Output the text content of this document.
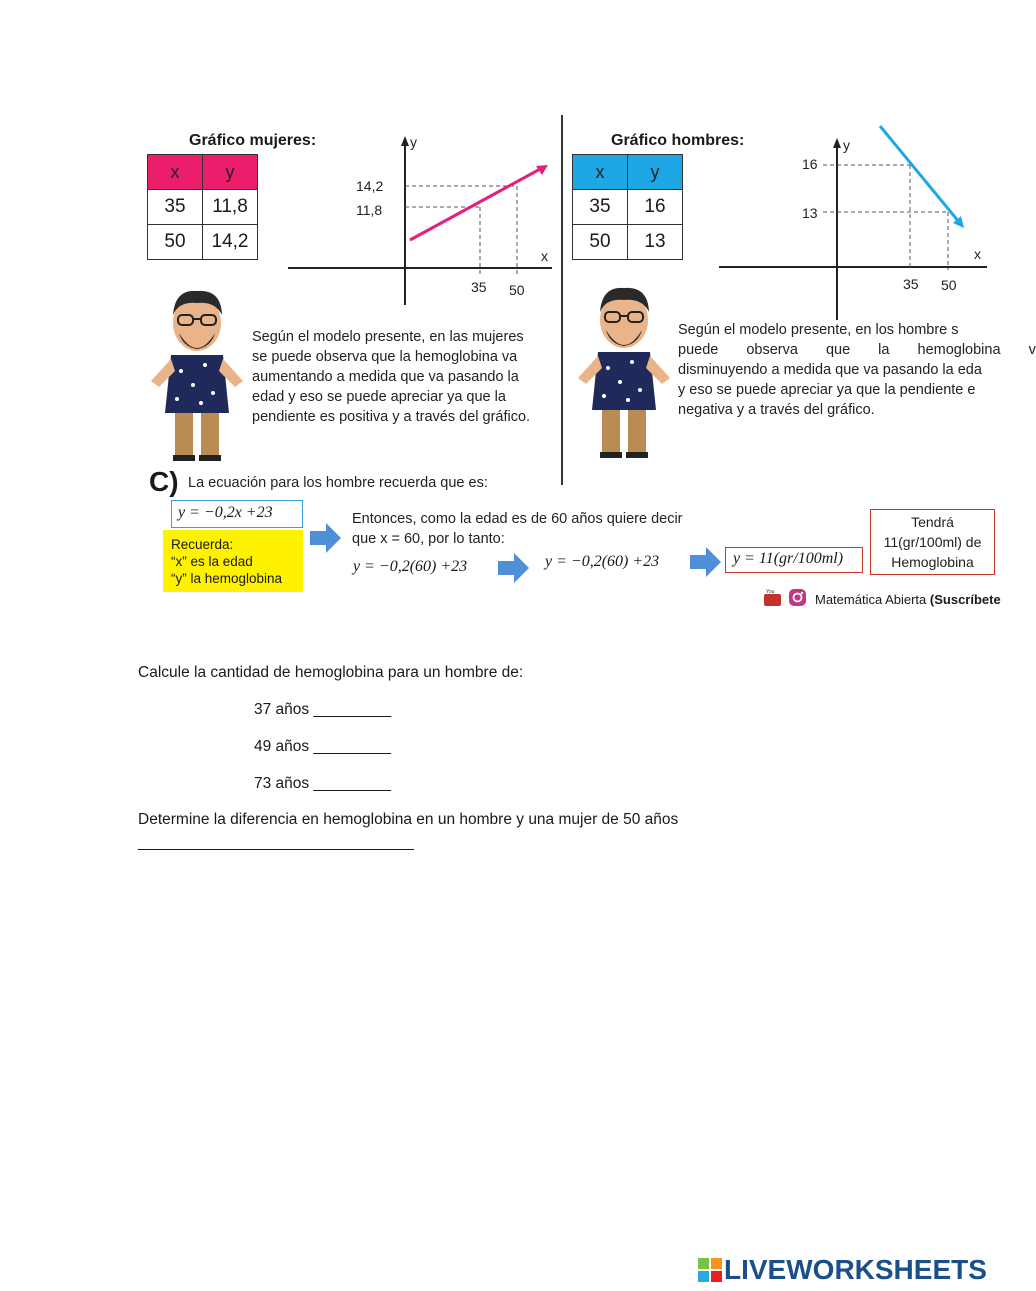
Gráfico mujeres:
x	y
35	11,8
50	14,2
y
x
14,2
11,8
35 50
Según el modelo presente, en las mujeres
se puede observa que la hemoglobina va
aumentando a medida que va pasando la
edad y eso se puede apreciar ya que la
pendiente es positiva y a través del gráfico.
Gráfico hombres:
x	y
35	16
50	13
y
x
16
13
35 50
Según el modelo presente, en los hombre s
puede observa que la hemoglobina v
disminuyendo a medida que va pasando la eda
y eso se puede apreciar ya que la pendiente e
negativa y a través del gráfico.
C) La ecuación para los hombre recuerda que es:
y = −0,2x +23
Recuerda:
“x” es la edad
“y” la hemoglobina
Entonces, como la edad es de 60 años quiere decir
que x = 60, por lo tanto:
y = −0,2(60) +23	y = −0,2(60) +23	y = 11(gr/100ml)
Tendrá
11(gr/100ml) de
Hemoglobina
You	Matemática Abierta (Suscríbete
Calcule la cantidad de hemoglobina para un hombre de:
37 años _________
49 años _________
73 años _________
Determine la diferencia en hemoglobina en un hombre y una mujer de 50 años
________________________________
LIVEWORKSHEETS
